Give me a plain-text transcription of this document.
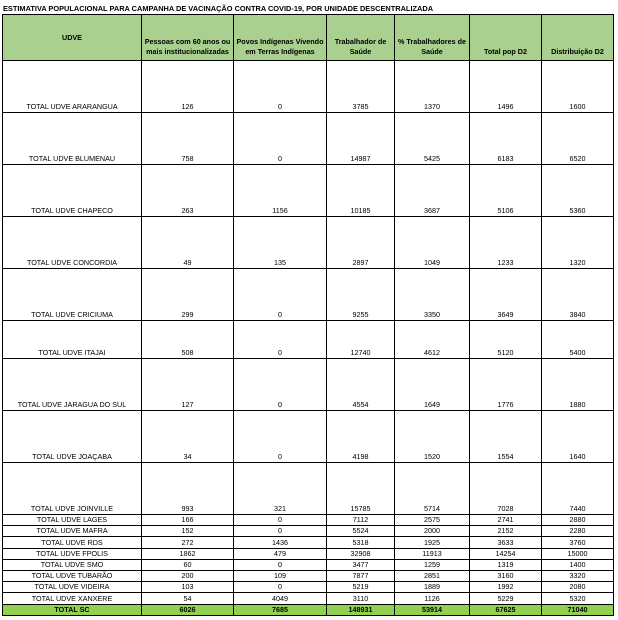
ESTIMATIVA POPULACIONAL PARA CAMPANHA DE VACINAÇÃO CONTRA COVID-19, POR UNIDADE DESCENTRALIZADA
UDVE	Pessoas com 60 anos ou mais institucionalizadas	Povos Indígenas Vivendo em Terras Indígenas	Trabalhador de Saúde	% Trabalhadores de Saúde	Total pop D2	Distribuição D2
TOTAL UDVE ARARANGUA	126	0	3785	1370	1496	1600
TOTAL UDVE BLUMENAU	758	0	14987	5425	6183	6520
TOTAL UDVE CHAPECO	263	1156	10185	3687	5106	5360
TOTAL UDVE CONCORDIA	49	135	2897	1049	1233	1320
TOTAL UDVE CRICIUMA	299	0	9255	3350	3649	3840
TOTAL UDVE ITAJAI	508	0	12740	4612	5120	5400
TOTAL UDVE JARAGUA DO SUL	127	0	4554	1649	1776	1880
TOTAL UDVE JOAÇABA	34	0	4198	1520	1554	1640
TOTAL UDVE JOINVILLE	993	321	15785	5714	7028	7440
TOTAL UDVE LAGES	166	0	7112	2575	2741	2880
TOTAL UDVE MAFRA	152	0	5524	2000	2152	2280
TOTAL UDVE RDS	272	1436	5318	1925	3633	3760
TOTAL UDVE FPOLIS	1862	479	32908	11913	14254	15000
TOTAL UDVE SMO	60	0	3477	1259	1319	1400
TOTAL UDVE TUBARÃO	200	109	7877	2851	3160	3320
TOTAL UDVE VIDEIRA	103	0	5219	1889	1992	2080
TOTAL UDVE XANXERE	54	4049	3110	1126	5229	5320
TOTAL SC	6026	7685	148931	53914	67625	71040
